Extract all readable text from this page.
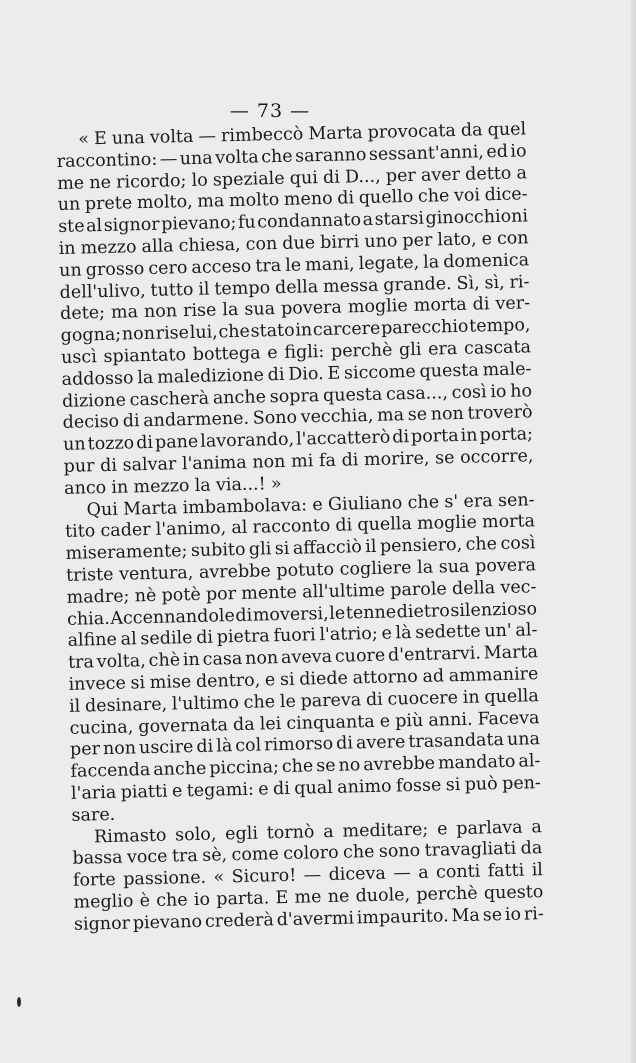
— 73 —
« E una volta — rimbeccò Marta provocata da quel
raccontino: — una volta che saranno sessant'anni, ed io
me ne ricordo; lo speziale qui di D..., per aver detto a
un prete molto, ma molto meno di quello che voi dice-
ste al signor pievano; fu condannato a starsi ginocchioni
in mezzo alla chiesa, con due birri uno per lato, e con
un grosso cero acceso tra le mani, legate, la domenica
dell'ulivo, tutto il tempo della messa grande. Sì, sì, ri-
dete; ma non rise la sua povera moglie morta di ver-
gogna; non rise lui, che stato in carcere parecchio tempo,
uscì spiantato bottega e figli: perchè gli era cascata
addosso la maledizione di Dio. E siccome questa male-
dizione cascherà anche sopra questa casa..., così io ho
deciso di andarmene. Sono vecchia, ma se non troverò
un tozzo di pane lavorando, l'accatterò di porta in porta;
pur di salvar l'anima non mi fa di morire, se occorre,
anco in mezzo la via...! »
Qui Marta imbambolava: e Giuliano che s' era sen-
tito cader l'animo, al racconto di quella moglie morta
miseramente; subito gli si affacciò il pensiero, che così
triste ventura, avrebbe potuto cogliere la sua povera
madre; nè potè por mente all'ultime parole della vec-
chia. Accennandole di moversi, le tenne dietro silenzioso
alfine al sedile di pietra fuori l'atrio; e là sedette un' al-
tra volta, chè in casa non aveva cuore d'entrarvi. Marta
invece si mise dentro, e si diede attorno ad ammanire
il desinare, l'ultimo che le pareva di cuocere in quella
cucina, governata da lei cinquanta e più anni. Faceva
per non uscire di là col rimorso di avere trasandata una
faccenda anche piccina; che se no avrebbe mandato al-
l'aria piatti e tegami: e di qual animo fosse si può pen-
sare.
Rimasto solo, egli tornò a meditare; e parlava a
bassa voce tra sè, come coloro che sono travagliati da
forte passione. « Sicuro! — diceva — a conti fatti il
meglio è che io parta. E me ne duole, perchè questo
signor pievano crederà d'avermi impaurito. Ma se io ri-
